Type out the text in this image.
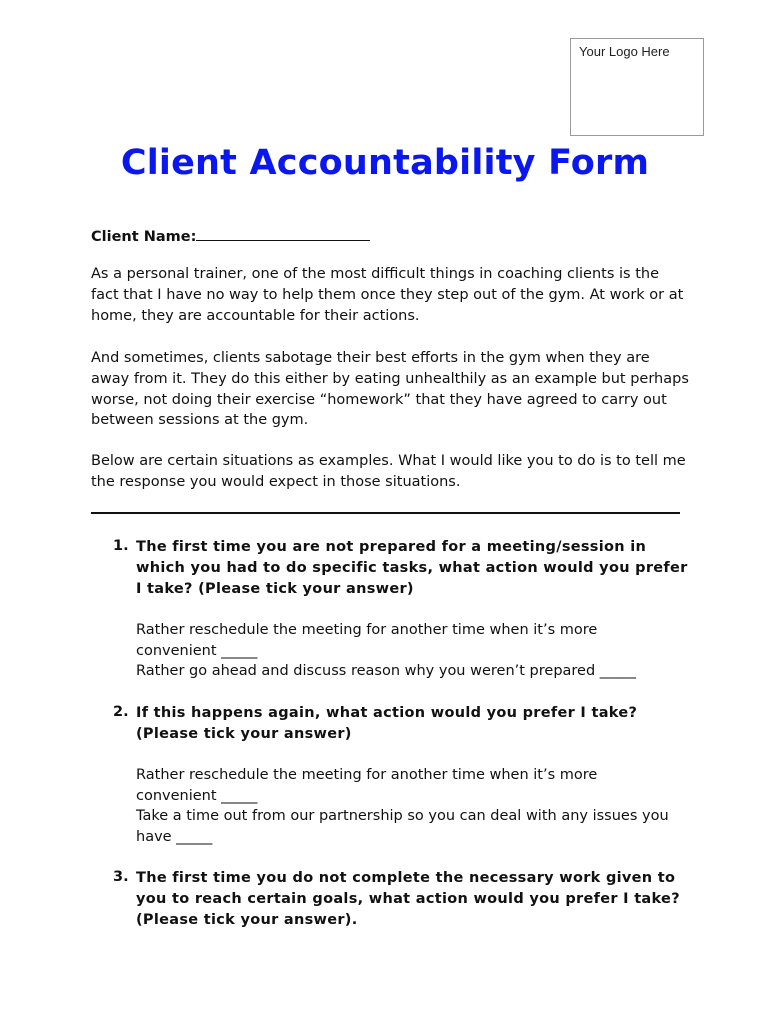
Your Logo Here
Client Accountability Form
Client Name:

As a personal trainer, one of the most difficult things in coaching clients is the fact that I have no way to help them once they step out of the gym. At work or at home, they are accountable for their actions.

And sometimes, clients sabotage their best efforts in the gym when they are away from it. They do this either by eating unhealthily as an example but perhaps worse, not doing their exercise “homework” that they have agreed to carry out between sessions at the gym.

Below are certain situations as examples. What I would like you to do is to tell me the response you would expect in those situations.

1. The first time you are not prepared for a meeting/session in which you had to do specific tasks, what action would you prefer I take? (Please tick your answer)

Rather reschedule the meeting for another time when it’s more convenient _____

Rather go ahead and discuss reason why you weren’t prepared _____

2. If this happens again, what action would you prefer I take? (Please tick your answer)

Rather reschedule the meeting for another time when it’s more convenient _____

Take a time out from our partnership so you can deal with any issues you have _____

3. The first time you do not complete the necessary work given to you to reach certain goals, what action would you prefer I take? (Please tick your answer).
